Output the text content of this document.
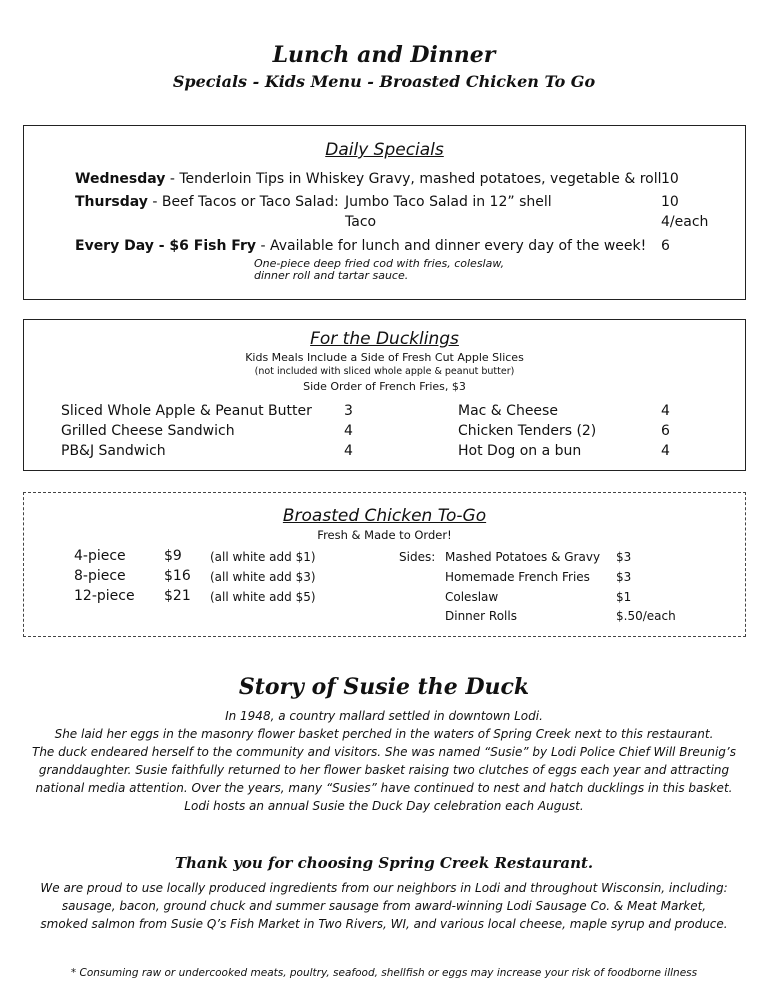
Lunch and Dinner
Specials - Kids Menu - Broasted Chicken To Go
Daily Specials
Wednesday - Tenderloin Tips in Whiskey Gravy, mashed potatoes, vegetable & roll 10
Thursday - Beef Tacos or Taco Salad: Jumbo Taco Salad in 12” shell	10
Taco	4/each
Every Day - $6 Fish Fry - Available for lunch and dinner every day of the week! 6
One-piece deep fried cod with fries, coleslaw,
dinner roll and tartar sauce.
For the Ducklings
Kids Meals Include a Side of Fresh Cut Apple Slices
(not included with sliced whole apple & peanut butter)
Side Order of French Fries, $3
Sliced Whole Apple & Peanut Butter 3
Grilled Cheese Sandwich	4
PB&J Sandwich	4
Mac & Cheese	4
Chicken Tenders (2)	6
Hot Dog on a bun	4
Broasted Chicken To-Go
Fresh & Made to Order!
4-piece	$9 (all white add $1)
8-piece	$16 (all white add $3)
12-piece $21 (all white add $5)
Sides: Mashed Potatoes & Gravy $3
Homemade French Fries $3
Coleslaw	$1
Dinner Rolls	$.50/each
Story of Susie the Duck
In 1948, a country mallard settled in downtown Lodi.
She laid her eggs in the masonry flower basket perched in the waters of Spring Creek next to this restaurant.
The duck endeared herself to the community and visitors. She was named “Susie” by Lodi Police Chief Will Breunig’s
granddaughter. Susie faithfully returned to her flower basket raising two clutches of eggs each year and attracting
national media attention. Over the years, many “Susies” have continued to nest and hatch ducklings in this basket.
Lodi hosts an annual Susie the Duck Day celebration each August.
Thank you for choosing Spring Creek Restaurant.
We are proud to use locally produced ingredients from our neighbors in Lodi and throughout Wisconsin, including:
sausage, bacon, ground chuck and summer sausage from award-winning Lodi Sausage Co. & Meat Market,
smoked salmon from Susie Q’s Fish Market in Two Rivers, WI, and various local cheese, maple syrup and produce.
* Consuming raw or undercooked meats, poultry, seafood, shellfish or eggs may increase your risk of foodborne illness
